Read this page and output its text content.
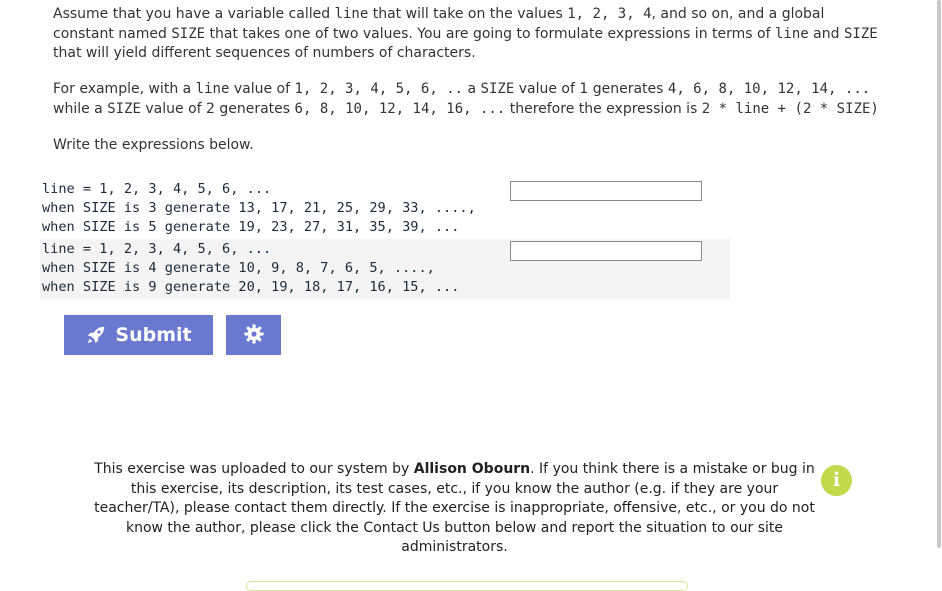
Assume that you have a variable called line that will take on the values 1, 2, 3, 4, and so on, and a global constant named SIZE that takes one of two values. You are going to formulate expressions in terms of line and SIZE that will yield different sequences of numbers of characters.

For example, with a line value of 1, 2, 3, 4, 5, 6, .. a SIZE value of 1 generates 4, 6, 8, 10, 12, 14, ... while a SIZE value of 2 generates 6, 8, 10, 12, 14, 16, ... therefore the expression is 2 * line + (2 * SIZE)

Write the expressions below.

line = 1, 2, 3, 4, 5, 6, ...
when SIZE is 3 generate 13, 17, 21, 25, 29, 33, ....,
when SIZE is 5 generate 19, 23, 27, 31, 35, 39, ...
line = 1, 2, 3, 4, 5, 6, ...
when SIZE is 4 generate 10, 9, 8, 7, 6, 5, ....,
when SIZE is 9 generate 20, 19, 18, 17, 16, 15, ...
Submit
This exercise was uploaded to our system by Allison Obourn. If you think there is a mistake or bug in this exercise, its description, its test cases, etc., if you know the author (e.g. if they are your teacher/TA), please contact them directly. If the exercise is inappropriate, offensive, etc., or you do not know the author, please click the Contact Us button below and report the situation to our site administrators.
i
